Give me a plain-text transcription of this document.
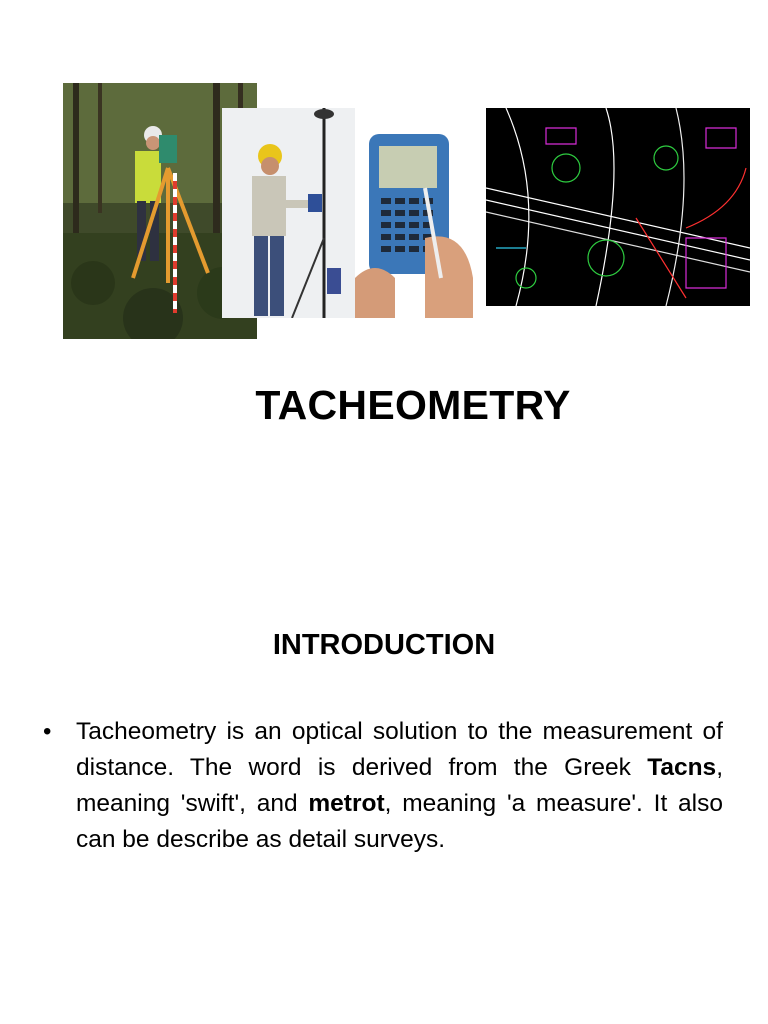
TACHEOMETRY
INTRODUCTION
• Tacheometry is an optical solution to the measurement of distance. The word is derived from the Greek Tacns, meaning 'swift', and metrot, meaning 'a measure'. It also can be describe as detail surveys.
